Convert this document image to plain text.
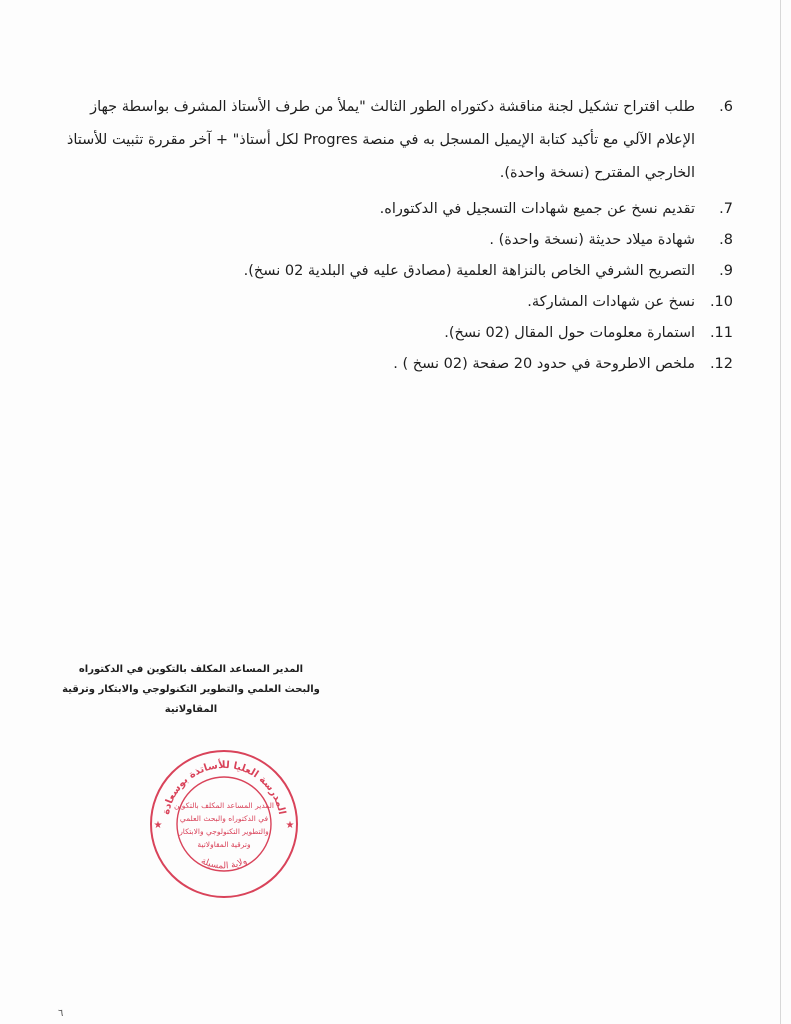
.6
طلب اقتراح تشكيل لجنة مناقشة دكتوراه الطور الثالث "يملأ من طرف الأستاذ المشرف بواسطة جهاز الإعلام الآلي مع تأكيد كتابة الإيميل المسجل به في منصة Progres لكل أستاذ" + آخر مقررة تثبيت للأستاذ الخارجي المقترح (نسخة واحدة).
.7
تقديم نسخ عن جميع شهادات التسجيل في الدكتوراه.
.8
شهادة ميلاد حديثة (نسخة واحدة) .
.9
التصريح الشرفي الخاص بالنزاهة العلمية (مصادق عليه في البلدية 02 نسخ).
.10
نسخ عن شهادات المشاركة.
.11
استمارة معلومات حول المقال (02 نسخ).
.12
ملخص الاطروحة في حدود 20 صفحة (02 نسخ ) .
المدير المساعد المكلف بالتكوين في الدكتوراه
والبحث العلمي والتطوير التكنولوجي والابتكار وترقية المقاولاتية
المدرسة العليا للأساتذة بوسعادة
ولاية المسيلة
★	★
المدير المساعد المكلف بالتكوين
في الدكتوراه والبحث العلمي
والتطوير التكنولوجي والابتكار
وترقية المقاولاتية
٦
